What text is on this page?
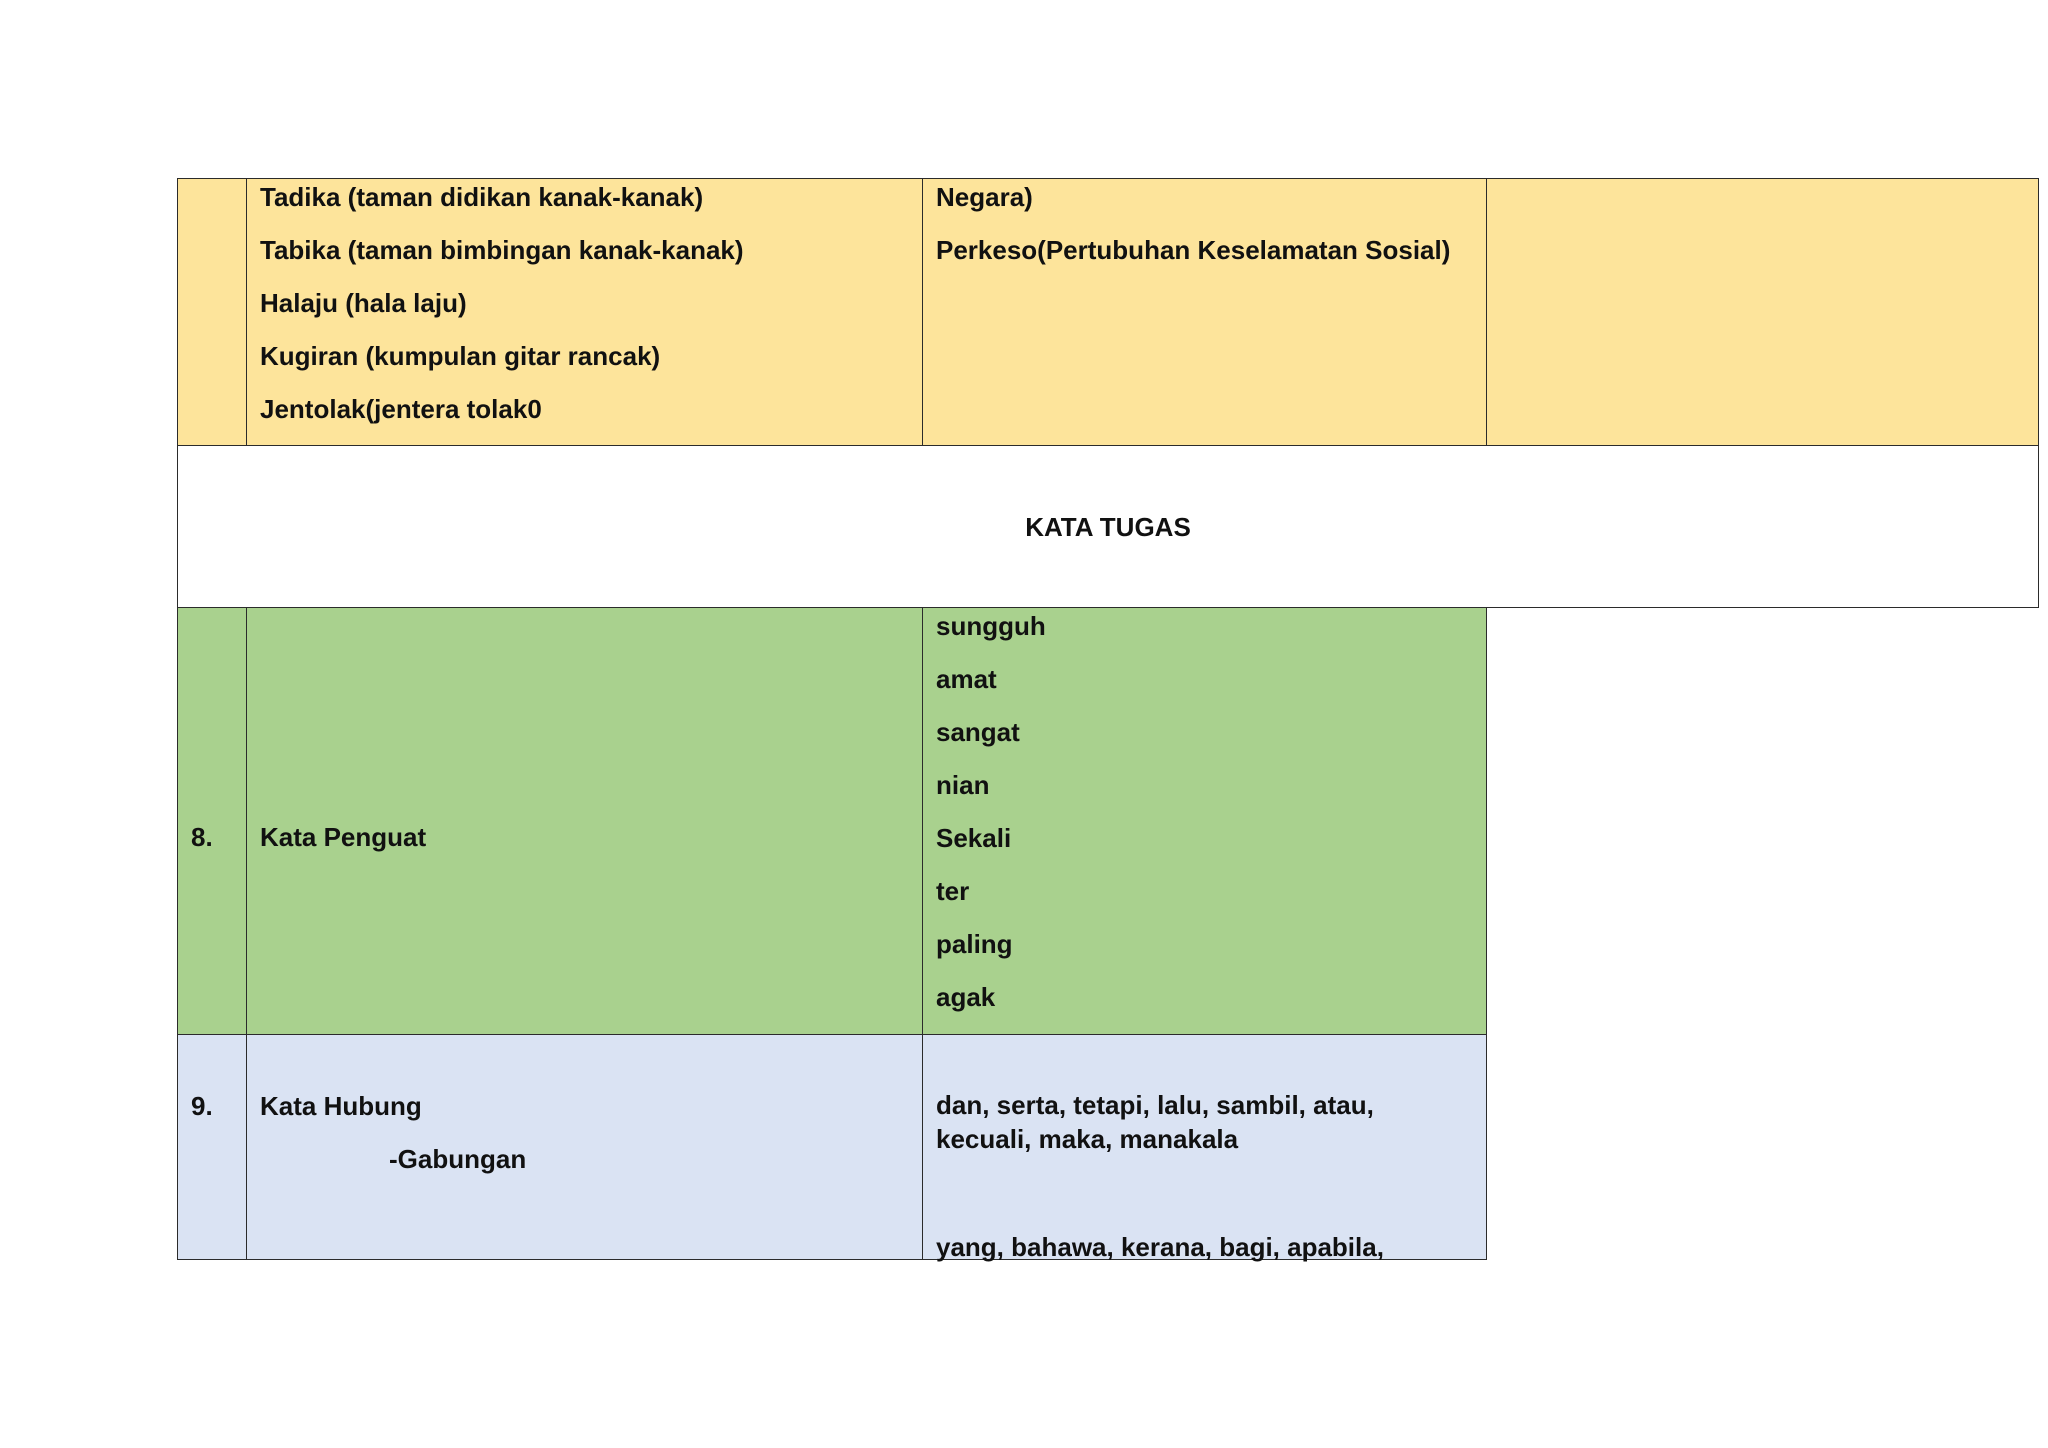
Tadika (taman didikan kanak-kanak)
Tabika (taman bimbingan kanak-kanak)
Halaju (hala laju)
Kugiran (kumpulan gitar rancak)
Jentolak(jentera tolak0
Negara)
Perkeso(Pertubuhan Keselamatan Sosial)
KATA TUGAS
8. Kata Penguat
sungguh
amat
sangat
nian
Sekali
ter
paling
agak
9. Kata Hubung
-Gabungan
dan, serta, tetapi, lalu, sambil, atau, kecuali, maka, manakala
yang, bahawa, kerana, bagi, apabila,
